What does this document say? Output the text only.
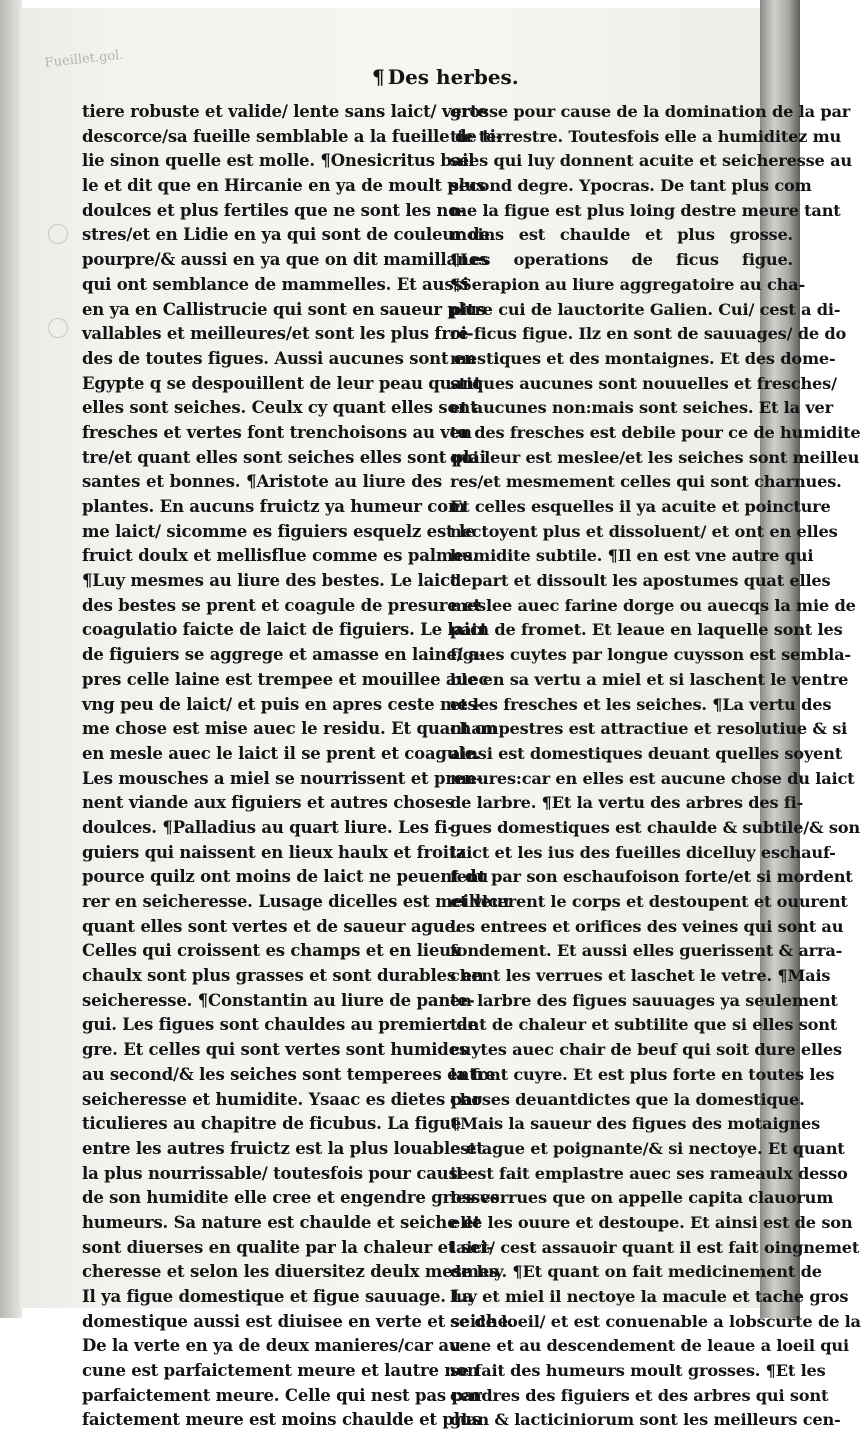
Fueillet.gol.
¶ Des herbes.
tiere robuste et valide/ lente sans laict/ verte
descorce/sa fueille semblable a la fueille de ti-
lie sinon quelle est molle. ¶Onesicritus bail
le et dit que en Hircanie en ya de moult plus
doulces et plus fertiles que ne sont les no-
stres/et en Lidie en ya qui sont de couleur de
pourpre/& aussi en ya que on dit mamillanes
qui ont semblance de mammelles. Et aussi
en ya en Callistrucie qui sont en saueur plus
vallables et meilleures/et sont les plus froi-
des de toutes figues. Aussi aucunes sont en
Egypte q se despouillent de leur peau quant
elles sont seiches. Ceulx cy quant elles sont
fresches et vertes font trenchoisons au ven
tre/et quant elles sont seiches elles sont plai
santes et bonnes. ¶Aristote au liure des
plantes. En aucuns fruictz ya humeur com
me laict/ sicomme es figuiers esquelz est le
fruict doulx et mellisflue comme es palmes.
¶Luy mesmes au liure des bestes. Le laict
des bestes se prent et coagule de presure et
coagulatio faicte de laict de figuiers. Le laict
de figuiers se aggrege et amasse en laine/ a-
pres celle laine est trempee et mouillee auec
vng peu de laict/ et puis en apres ceste mes-
me chose est mise auec le residu. Et quant on
en mesle auec le laict il se prent et coagule.
Les mousches a miel se nourrissent et pren-
nent viande aux figuiers et autres choses
doulces. ¶Palladius au quart liure. Les fi-
guiers qui naissent en lieux haulx et froitz
pource quilz ont moins de laict ne peuent du
rer en seicheresse. Lusage dicelles est meilleur
quant elles sont vertes et de saueur ague.
Celles qui croissent es champs et en lieux
chaulx sont plus grasses et sont durables en
seicheresse. ¶Constantin au liure de pante-
gui. Les figues sont chauldes au premier de
gre. Et celles qui sont vertes sont humides
au second/& les seiches sont temperees entre
seicheresse et humidite. Ysaac es dietes par
ticulieres au chapitre de ficubus. La figue
entre les autres fruictz est la plus louable et
la plus nourrissable/ toutesfois pour cause
de son humidite elle cree et engendre grosses
humeurs. Sa nature est chaulde et seiche et
sont diuerses en qualite par la chaleur et sei-
cheresse et selon les diuersitez deulx mesmes
Il ya figue domestique et figue sauuage. La
domestique aussi est diuisee en verte et seiche.
De la verte en ya de deux manieres/car au-
cune est parfaictement meure et lautre non
parfaictement meure. Celle qui nest pas par
faictement meure est moins chaulde et plus
grosse pour cause de la domination de la par
tie terrestre. Toutesfois elle a humiditez mu
sees qui luy donnent acuite et seicheresse au
second degre. Ypocras. De tant plus com
me la figue est plus loing destre meure tant
moins est chaulde et plus grosse.
¶Les operations de ficus figue.
¶Serapion au liure aggregatoire au cha-
pitre cui de lauctorite Galien. Cui/ cest a di-
re ficus figue. Ilz en sont de sauuages/ de do
mestiques et des montaignes. Et des dome-
stiques aucunes sont nouuelles et fresches/
et aucunes non:mais sont seiches. Et la ver
tu des fresches est debile pour ce de humidite
qui leur est meslee/et les seiches sont meilleu
res/et mesmement celles qui sont charnues.
Et celles esquelles il ya acuite et poincture
nectoyent plus et dissoluent/ et ont en elles
humidite subtile. ¶Il en est vne autre qui
depart et dissoult les apostumes quat elles
meslee auec farine dorge ou auecqs la mie de
pain de fromet. Et leaue en laquelle sont les
figues cuytes par longue cuysson est sembla-
ble en sa vertu a miel et si laschent le ventre
et les fresches et les seiches. ¶La vertu des
champestres est attractiue et resolutiue & si
ainsi est domestiques deuant quelles soyent
meures:car en elles est aucune chose du laict
de larbre. ¶Et la vertu des arbres des fi-
gues domestiques est chaulde & subtile/& son
laict et les ius des fueilles dicelluy eschauf-
fent par son eschaufoison forte/et si mordent
et vlcerent le corps et destoupent et ouurent
les entrees et orifices des veines qui sont au
fondement. Et aussi elles guerissent & arra-
chent les verrues et laschet le vetre. ¶Mais
en larbre des figues sauuages ya seulement
tant de chaleur et subtilite que si elles sont
cuytes auec chair de beuf qui soit dure elles
la font cuyre. Et est plus forte en toutes les
choses deuantdictes que la domestique.
¶Mais la saueur des figues des motaignes
est ague et poignante/& si nectoye. Et quant
il est fait emplastre auec ses rameaulx desso
les verrues que on appelle capita clauorum
elle les ouure et destoupe. Et ainsi est de son
laict/ cest assauoir quant il est fait oingnemet
de luy. ¶Et quant on fait medicinement de
luy et miel il nectoye la macule et tache gros
se de loeil/ et est conuenable a lobscurte de la
vene et au descendement de leaue a loeil qui
se fait des humeurs moult grosses. ¶Et les
cendres des figuiers et des arbres qui sont
glan & lacticiniorum sont les meilleurs cen-
